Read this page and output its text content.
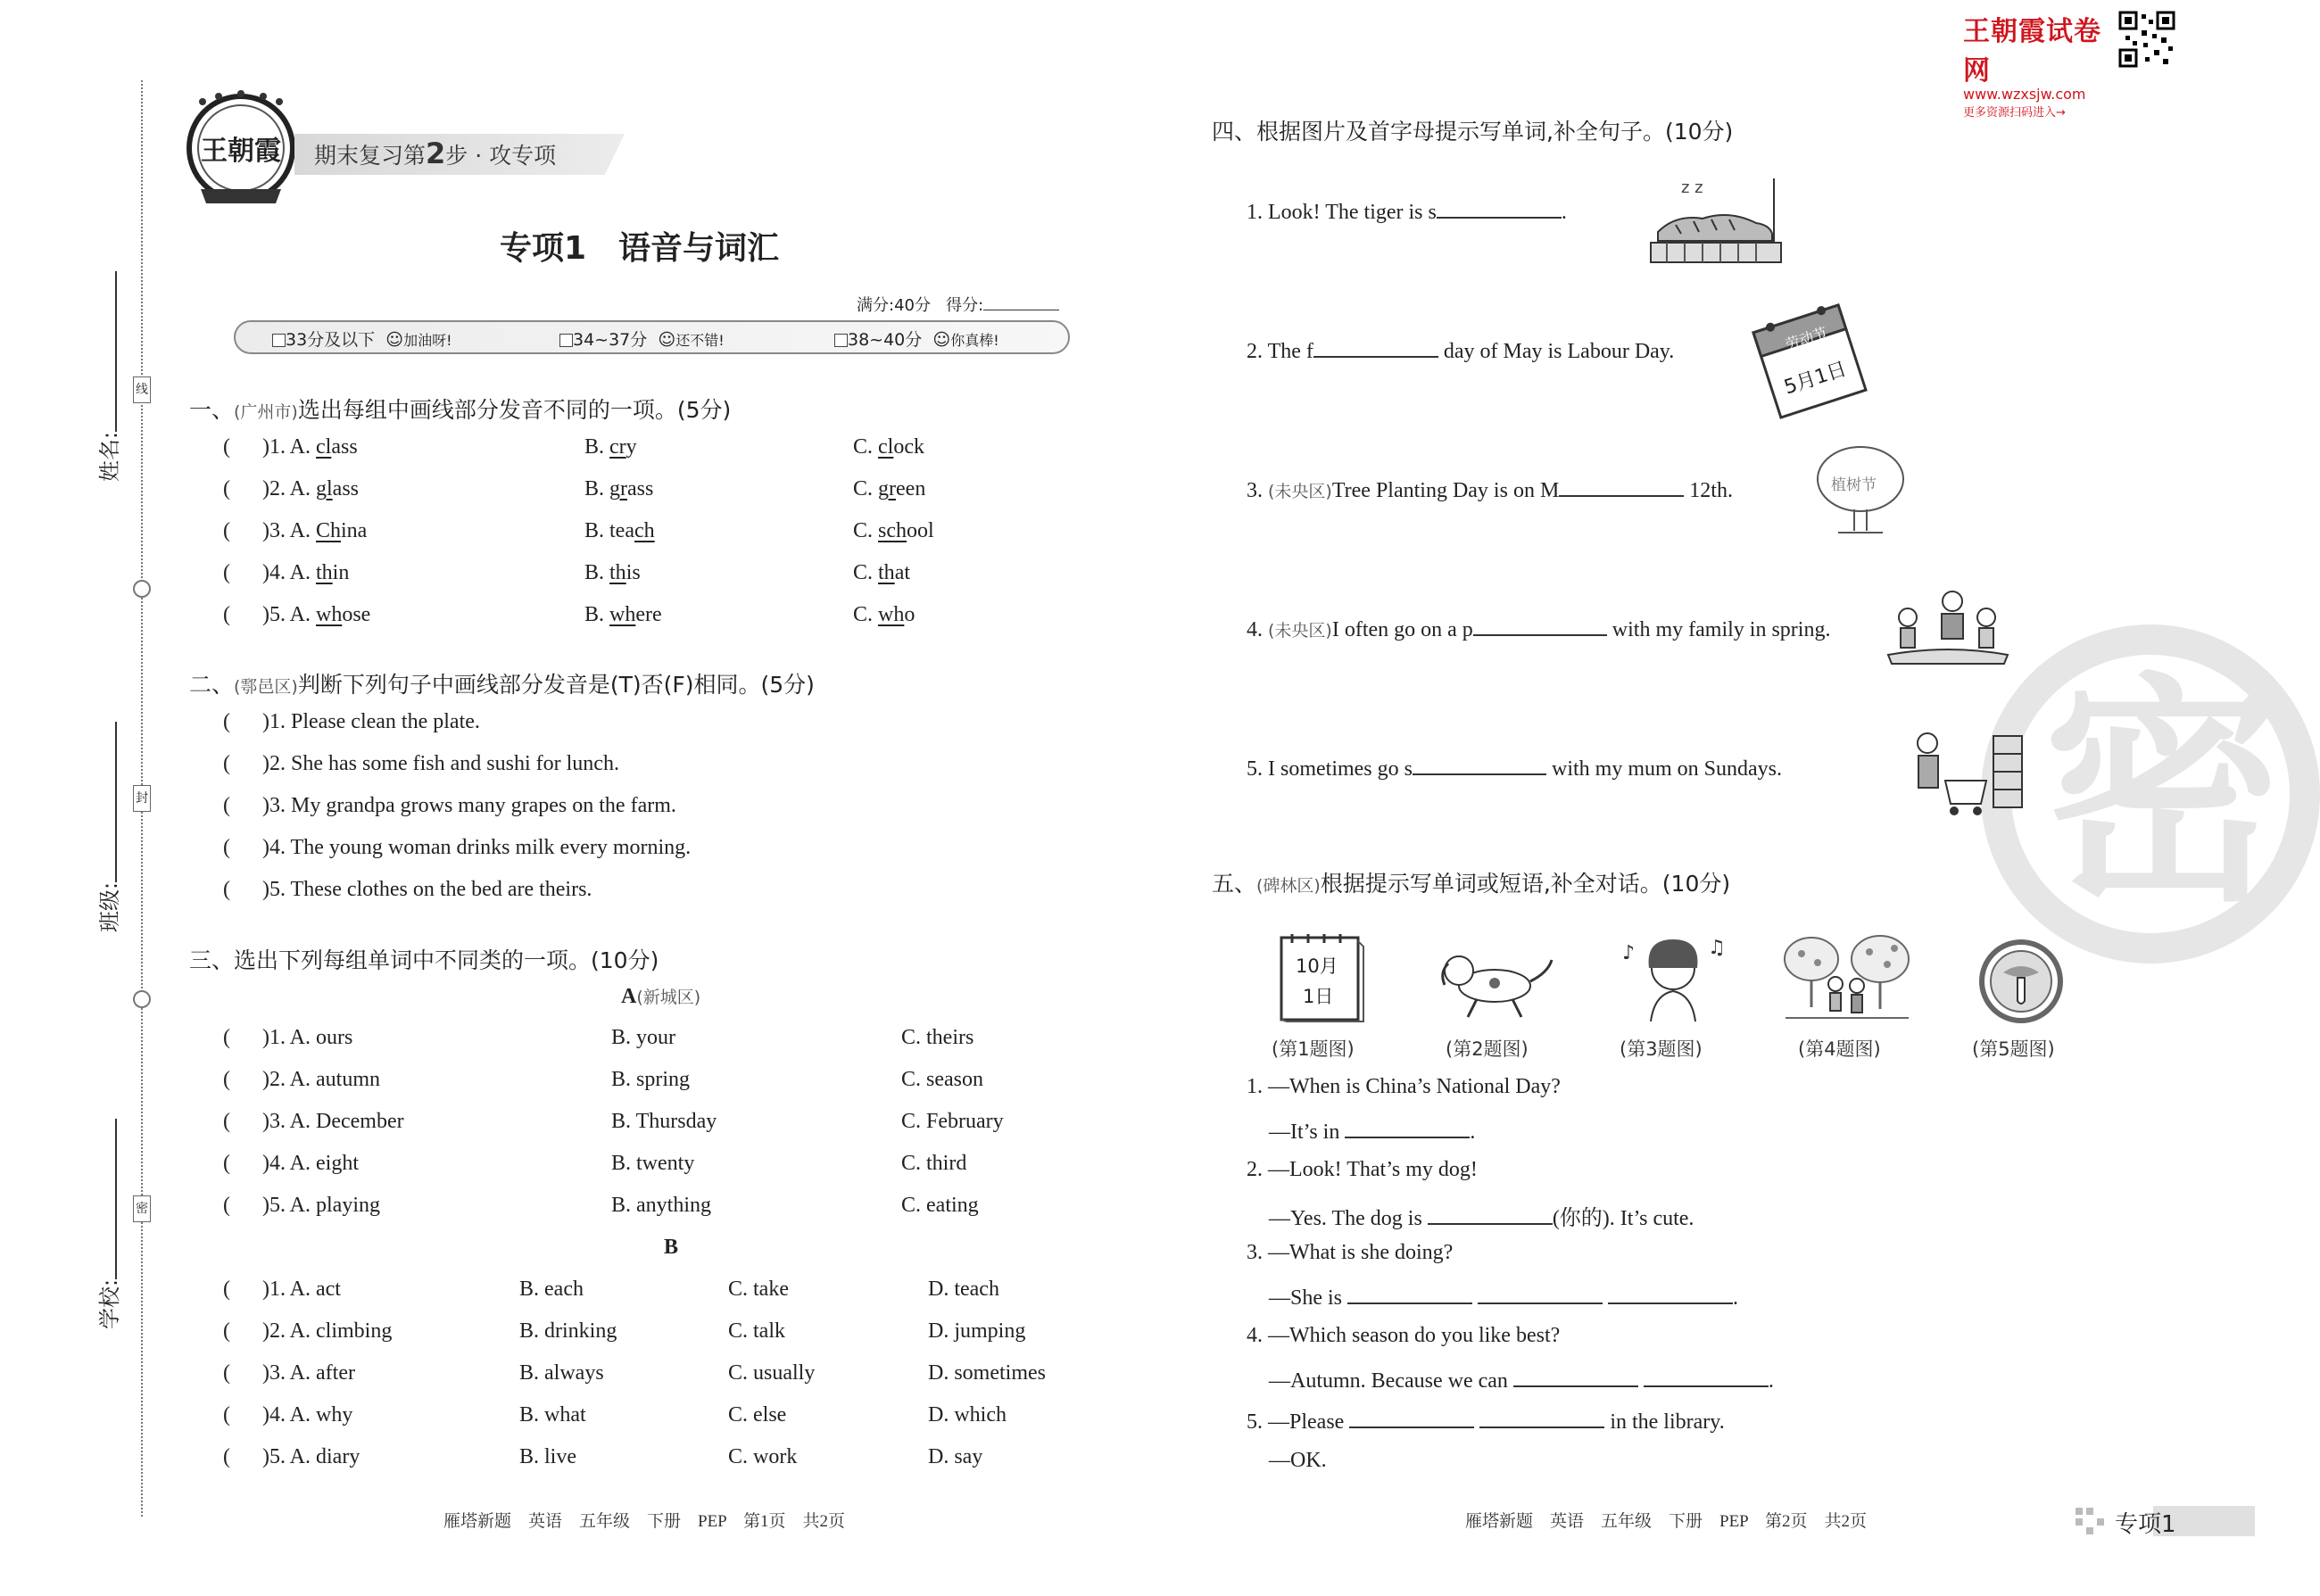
王朝霞试卷网
www.wzxsjw.com
更多资源扫码进入→
姓名:
班级:
学校:
线
封
密
王朝霞	期末复习第2步 · 攻专项
专项1　语音与词汇
满分:40分 得分:
33分及以下 ☺加油呀!	34~37分 ☺还不错!	38~40分 ☺你真棒!
一、(广州市)选出每组中画线部分发音不同的一项。(5分)
(      )1. A. class	B. cry	C. clock
(      )2. A. glass	B. grass	C. green
(      )3. A. China	B. teach	C. school
(      )4. A. thin	B. this	C. that
(      )5. A. whose	B. where	C. who
二、(鄠邑区)判断下列句子中画线部分发音是(T)否(F)相同。(5分)
(      )1. Please clean the plate.
(      )2. She has some fish and sushi for lunch.
(      )3. My grandpa grows many grapes on the farm.
(      )4. The young woman drinks milk every morning.
(      )5. These clothes on the bed are theirs.
三、选出下列每组单词中不同类的一项。(10分)
A(新城区)
(      )1. A. ours	B. your	C. theirs
(      )2. A. autumn	B. spring	C. season
(      )3. A. December	B. Thursday	C. February
(      )4. A. eight	B. twenty	C. third
(      )5. A. playing	B. anything	C. eating
B
(      )1. A. act	B. each	C. take	D. teach
(      )2. A. climbing	B. drinking	C. talk	D. jumping
(      )3. A. after	B. always	C. usually	D. sometimes
(      )4. A. why	B. what	C. else	D. which
(      )5. A. diary	B. live	C. work	D. say
雁塔新题　英语　五年级　下册　PEP　第1页　共2页
密
四、根据图片及首字母提示写单词,补全句子。(10分)
1. Look! The tiger is s	.
z z
2. The f	day of May is Labour Day.	劳动节
5月1日
3. (未央区)Tree Planting Day is on M	12th.	植树节
4. (未央区)I often go on a p	with my family in spring.
5. I sometimes go s	with my mum on Sundays.
五、(碑林区)根据提示写单词或短语,补全对话。(10分)
10月
1日
♪	♫
(第1题图)	(第2题图)	(第3题图)	(第4题图)	(第5题图)
1. —When is China’s National Day?
—It’s in	.
2. —Look! That’s my dog!
—Yes. The dog is	(你的). It’s cute.
3. —What is she doing?
—She is	.
4. —Which season do you like best?
—Autumn. Because we can	.
5. —Please	in the library.
—OK.
雁塔新题　英语　五年级　下册　PEP　第2页　共2页	专项1
